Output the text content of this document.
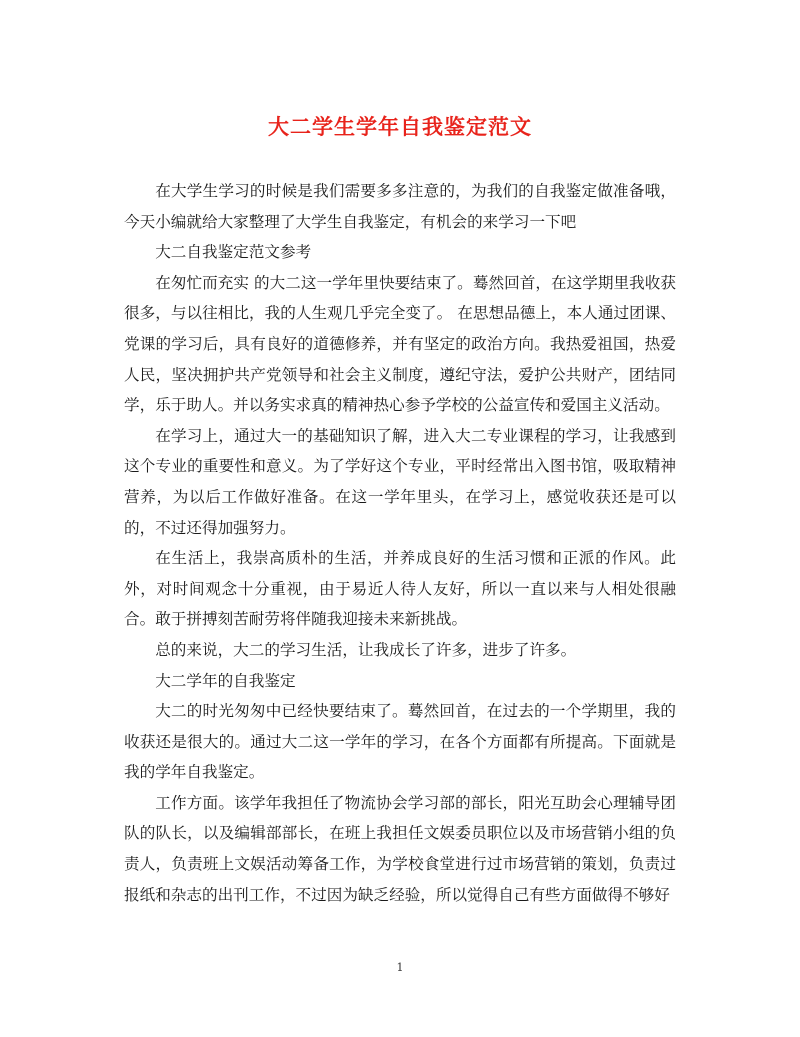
大二学生学年自我鉴定范文

在大学生学习的时候是我们需要多多注意的，为我们的自我鉴定做准备哦，今天小编就给大家整理了大学生自我鉴定，有机会的来学习一下吧

大二自我鉴定范文参考

在匆忙而充实 的大二这一学年里快要结束了。蓦然回首，在这学期里我收获很多，与以往相比，我的人生观几乎完全变了。 在思想品德上，本人通过团课、党课的学习后，具有良好的道德修养，并有坚定的政治方向。我热爱祖国，热爱人民，坚决拥护共产党领导和社会主义制度，遵纪守法，爱护公共财产，团结同学，乐于助人。并以务实求真的精神热心参予学校的公益宣传和爱国主义活动。

在学习上，通过大一的基础知识了解，进入大二专业课程的学习，让我感到这个专业的重要性和意义。为了学好这个专业，平时经常出入图书馆，吸取精神营养，为以后工作做好准备。在这一学年里头，在学习上，感觉收获还是可以的，不过还得加强努力。

在生活上，我崇高质朴的生活，并养成良好的生活习惯和正派的作风。此外，对时间观念十分重视，由于易近人待人友好，所以一直以来与人相处很融合。敢于拼搏刻苦耐劳将伴随我迎接未来新挑战。

总的来说，大二的学习生活，让我成长了许多，进步了许多。

大二学年的自我鉴定

大二的时光匆匆中已经快要结束了。蓦然回首，在过去的一个学期里，我的收获还是很大的。通过大二这一学年的学习，在各个方面都有所提高。下面就是我的学年自我鉴定。

工作方面。该学年我担任了物流协会学习部的部长，阳光互助会心理辅导团队的队长，以及编辑部部长，在班上我担任文娱委员职位以及市场营销小组的负责人，负责班上文娱活动筹备工作，为学校食堂进行过市场营销的策划，负责过报纸和杂志的出刊工作，不过因为缺乏经验，所以觉得自己有些方面做得不够好

1
